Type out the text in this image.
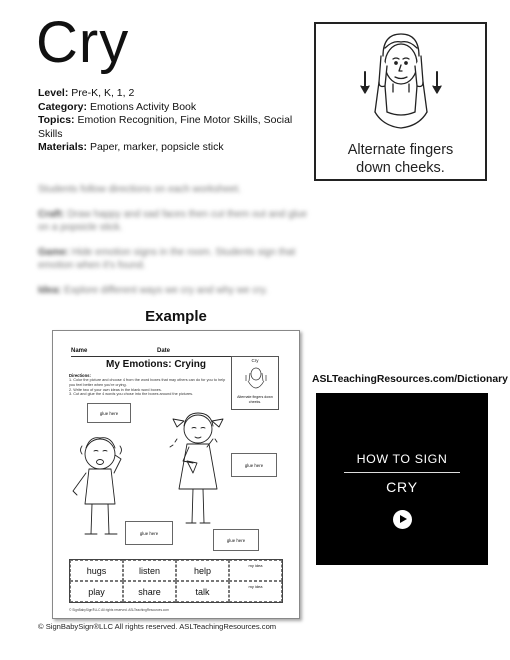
Cry
Level: Pre-K, K, 1, 2
Category: Emotions Activity Book
Topics: Emotion Recognition, Fine Motor Skills, Social Skills
Materials: Paper, marker, popsicle stick	Alternate fingers
down cheeks.

Students follow directions on each worksheet.

Craft: Draw happy and sad faces then cut them out and glue on a popsicle stick.

Game: Hide emotion signs in the room. Students sign that emotion when it's found.

Idea: Explore different ways we cry and why we cry.

Example
Name	Date
My Emotions: Crying
Directions:
1. Color the picture and choose 4 from the word boxes that may others can do for you to help you feel better when you're crying.
2. Write two of your own ideas in the blank word boxes.
3. Cut and glue the 4 words you chose into the boxes around the pictures.
Cry
Alternate fingers down cheeks.
glue here
glue here
glue here
glue here
hugs	listen	help	my idea
play	share	talk	my idea
© SignBabySign®LLC All rights reserved. ASLTeachingResources.com
© SignBabySign®LLC All rights reserved. ASLTeachingResources.com
ASLTeachingResources.com/Dictionary
HOW TO SIGN
CRY
